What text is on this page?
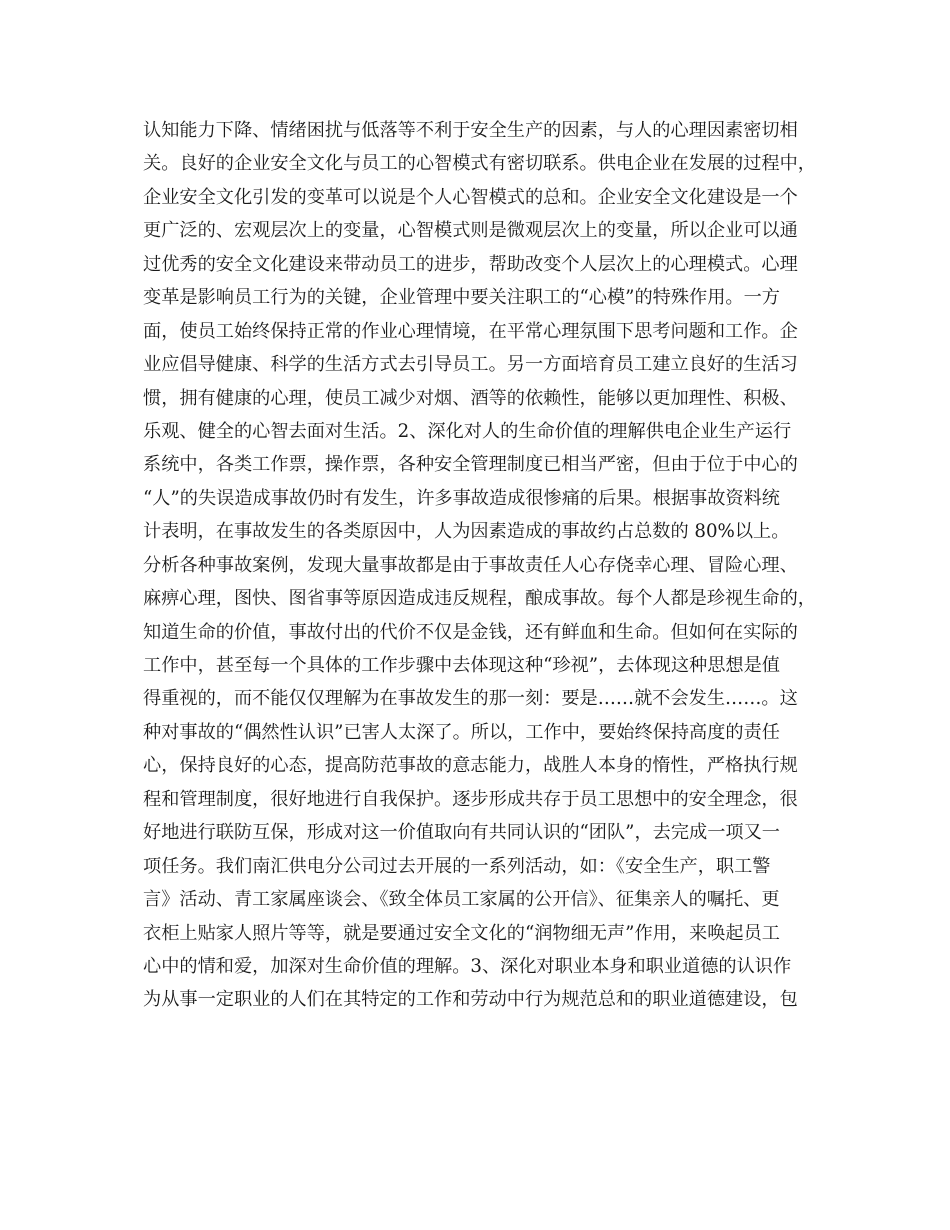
认知能力下降、情绪困扰与低落等不利于安全生产的因素，与人的心理因素密切相
关。良好的企业安全文化与员工的心智模式有密切联系。供电企业在发展的过程中，
企业安全文化引发的变革可以说是个人心智模式的总和。企业安全文化建设是一个
更广泛的、宏观层次上的变量，心智模式则是微观层次上的变量，所以企业可以通
过优秀的安全文化建设来带动员工的进步，帮助改变个人层次上的心理模式。心理
变革是影响员工行为的关键，企业管理中要关注职工的“心模”的特殊作用。一方
面，使员工始终保持正常的作业心理情境，在平常心理氛围下思考问题和工作。企
业应倡导健康、科学的生活方式去引导员工。另一方面培育员工建立良好的生活习
惯，拥有健康的心理，使员工减少对烟、酒等的依赖性，能够以更加理性、积极、
乐观、健全的心智去面对生活。2、深化对人的生命价值的理解供电企业生产运行
系统中，各类工作票，操作票，各种安全管理制度已相当严密，但由于位于中心的
“人”的失误造成事故仍时有发生，许多事故造成很惨痛的后果。根据事故资料统
计表明，在事故发生的各类原因中，人为因素造成的事故约占总数的 80%以上。
分析各种事故案例，发现大量事故都是由于事故责任人心存侥幸心理、冒险心理、
麻痹心理，图快、图省事等原因造成违反规程，酿成事故。每个人都是珍视生命的，
知道生命的价值，事故付出的代价不仅是金钱，还有鲜血和生命。但如何在实际的
工作中，甚至每一个具体的工作步骤中去体现这种“珍视”，去体现这种思想是值
得重视的，而不能仅仅理解为在事故发生的那一刻：要是……就不会发生……。这
种对事故的“偶然性认识”已害人太深了。所以，工作中，要始终保持高度的责任
心，保持良好的心态，提高防范事故的意志能力，战胜人本身的惰性，严格执行规
程和管理制度，很好地进行自我保护。逐步形成共存于员工思想中的安全理念，很
好地进行联防互保，形成对这一价值取向有共同认识的“团队”，去完成一项又一
项任务。我们南汇供电分公司过去开展的一系列活动，如：《安全生产，职工警
言》活动、青工家属座谈会、《致全体员工家属的公开信》、征集亲人的嘱托、更
衣柜上贴家人照片等等，就是要通过安全文化的“润物细无声”作用，来唤起员工
心中的情和爱，加深对生命价值的理解。3、深化对职业本身和职业道德的认识作
为从事一定职业的人们在其特定的工作和劳动中行为规范总和的职业道德建设，包
